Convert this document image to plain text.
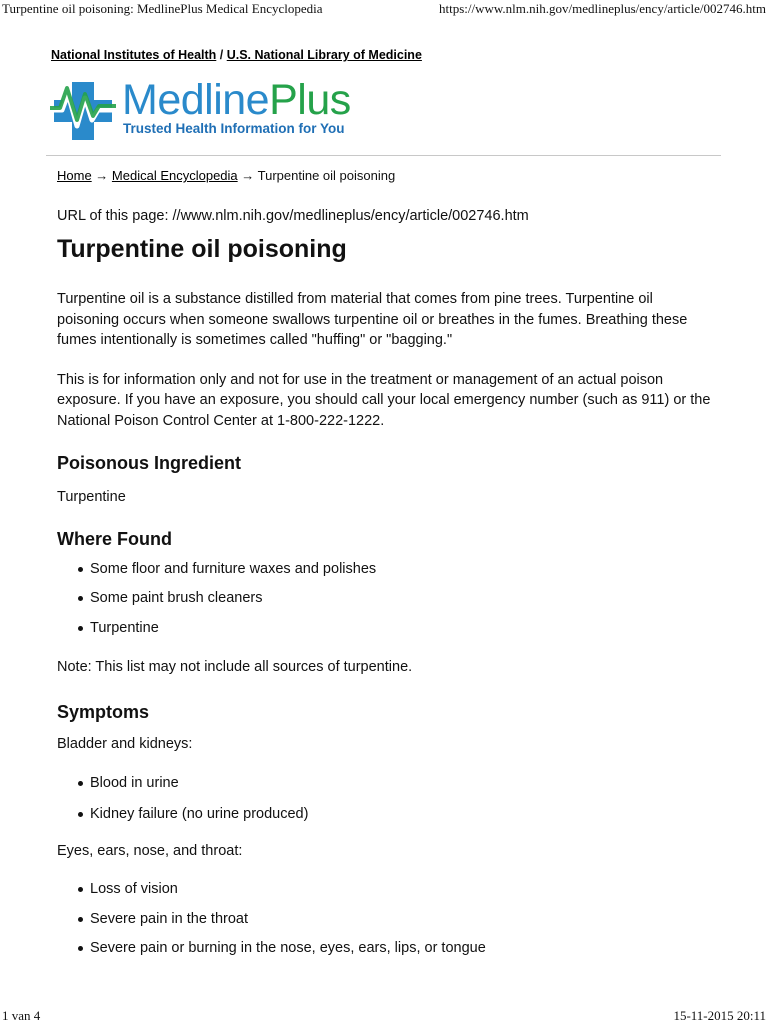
Turpentine oil poisoning: MedlinePlus Medical Encyclopedia	https://www.nlm.nih.gov/medlineplus/ency/article/002746.htm
National Institutes of Health / U.S. National Library of Medicine
MedlinePlus
Trusted Health Information for You
Home → Medical Encyclopedia → Turpentine oil poisoning
URL of this page: //www.nlm.nih.gov/medlineplus/ency/article/002746.htm
Turpentine oil poisoning

Turpentine oil is a substance distilled from material that comes from pine trees. Turpentine oil poisoning occurs when someone swallows turpentine oil or breathes in the fumes. Breathing these fumes intentionally is sometimes called "huffing" or "bagging."

This is for information only and not for use in the treatment or management of an actual poison exposure. If you have an exposure, you should call your local emergency number (such as 911) or the National Poison Control Center at 1-800-222-1222.

Poisonous Ingredient

Turpentine

Where Found
Some floor and furniture waxes and polishes
Some paint brush cleaners
Turpentine

Note: This list may not include all sources of turpentine.

Symptoms

Bladder and kidneys:

Blood in urine
Kidney failure (no urine produced)

Eyes, ears, nose, and throat:

Loss of vision
Severe pain in the throat
Severe pain or burning in the nose, eyes, ears, lips, or tongue
1 van 4	15-11-2015 20:11
